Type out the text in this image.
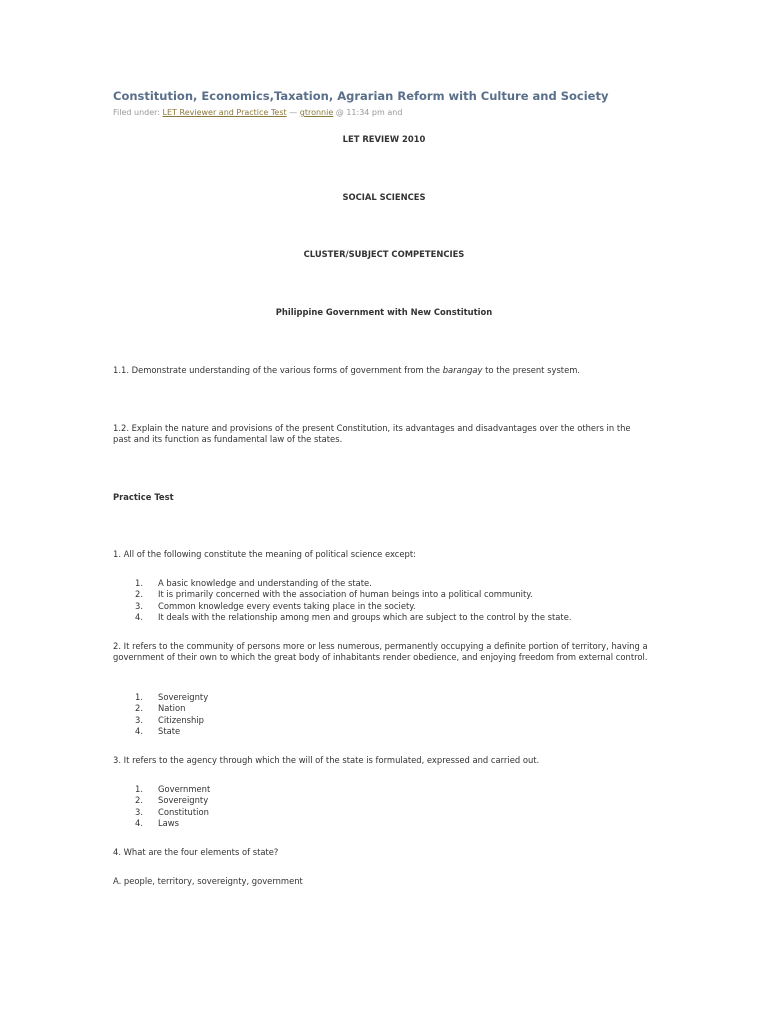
Constitution, Economics,Taxation, Agrarian Reform with Culture and Society
Filed under: LET Reviewer and Practice Test — gtronnie @ 11:34 pm and
LET REVIEW 2010
SOCIAL SCIENCES
CLUSTER/SUBJECT COMPETENCIES
Philippine Government with New Constitution
1.1. Demonstrate understanding of the various forms of government from the barangay to the present system.
1.2. Explain the nature and provisions of the present Constitution, its advantages and disadvantages over the others in the past and its function as fundamental law of the states.
Practice Test
1. All of the following constitute the meaning of political science except:
1. A basic knowledge and understanding of the state.
2. It is primarily concerned with the association of human beings into a political community.
3. Common knowledge every events taking place in the society.
4. It deals with the relationship among men and groups which are subject to the control by the state.
2. It refers to the community of persons more or less numerous, permanently occupying a definite portion of territory, having a government of their own to which the great body of inhabitants render obedience, and enjoying freedom from external control.
1. Sovereignty
2. Nation
3. Citizenship
4. State
3. It refers to the agency through which the will of the state is formulated, expressed and carried out.
1. Government
2. Sovereignty
3. Constitution
4. Laws
4. What are the four elements of state?
A. people, territory, sovereignty, government
